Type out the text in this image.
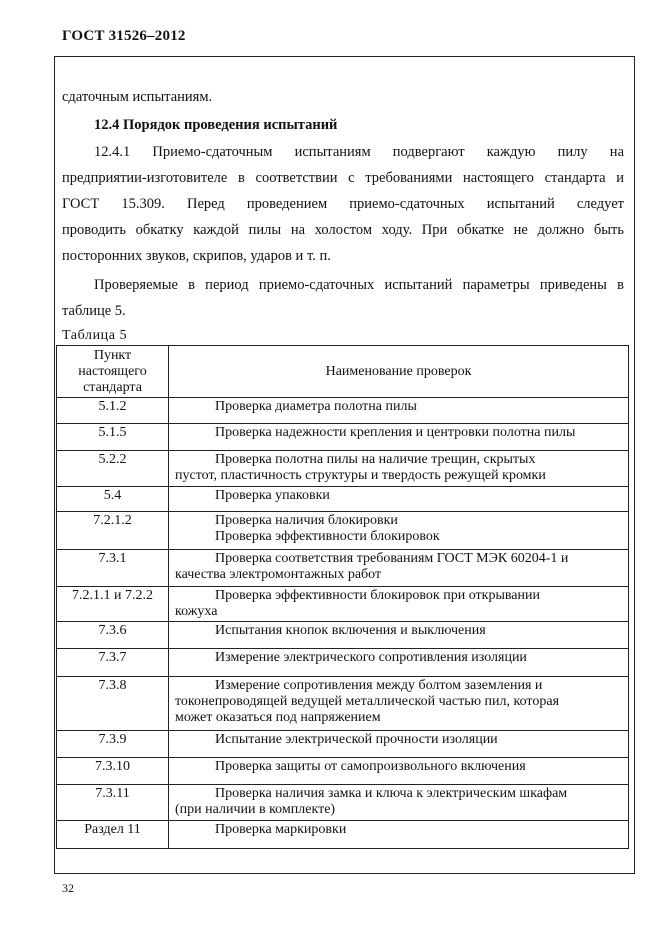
ГОСТ 31526–2012
сдаточным испытаниям.
12.4 Порядок проведения испытаний
12.4.1 Приемо-сдаточным испытаниям подвергают каждую пилу на
предприятии-изготовителе в соответствии с требованиями настоящего стандарта и
ГОСТ 15.309. Перед проведением приемо-сдаточных испытаний следует
проводить обкатку каждой пилы на холостом ходу. При обкатке не должно быть
посторонних звуков, скрипов, ударов и т. п.
Проверяемые в период приемо-сдаточных испытаний параметры приведены в
таблице 5.
Таблица 5
Пункт
настоящего
стандарта	Наименование проверок
5.1.2	Проверка диаметра полотна пилы
5.1.5	Проверка надежности крепления и центровки полотна пилы
5.2.2	Проверка полотна пилы на наличие трещин, скрытых
пустот, пластичность структуры и твердость режущей кромки

5.4	Проверка упаковки
7.2.1.2	Проверка наличия блокировки
Проверка эффективности блокировок

7.3.1	Проверка соответствия требованиям ГОСТ МЭК 60204-1 и
качества электромонтажных работ

7.2.1.1 и 7.2.2	Проверка эффективности блокировок при открывании
кожуха

7.3.6	Испытания кнопок включения и выключения
7.3.7	Измерение электрического сопротивления изоляции
7.3.8	Измерение сопротивления между болтом заземления и
токонепроводящей ведущей металлической частью пил, которая
может оказаться под напряжением

7.3.9	Испытание электрической прочности изоляции
7.3.10	Проверка защиты от самопроизвольного включения
7.3.11	Проверка наличия замка и ключа к электрическим шкафам
(при наличии в комплекте)

Раздел 11	Проверка маркировки
32
